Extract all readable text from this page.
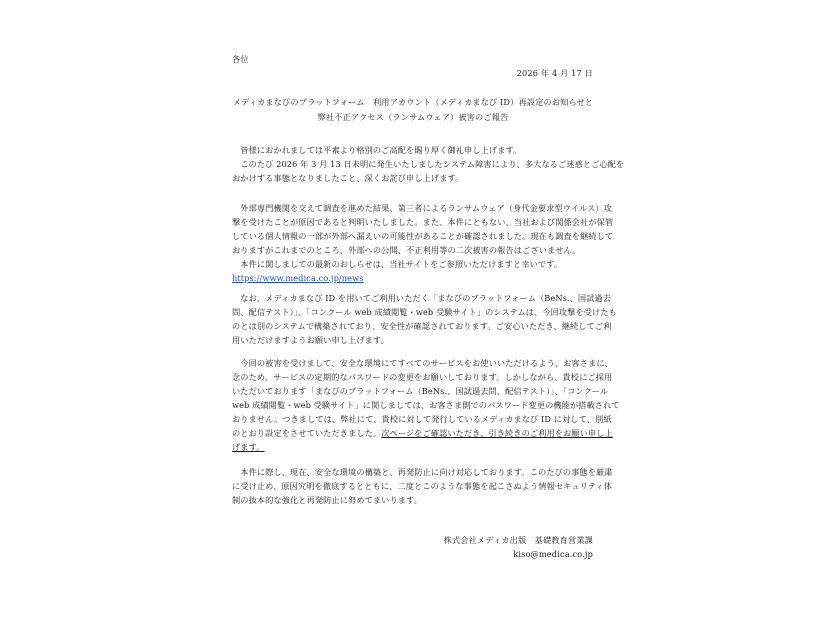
各位
2026 年 4 月 17 日
メディカまなびのプラットフォーム　利用アカウント（メディカまなび ID）再設定のお知らせと
弊社不正アクセス（ランサムウェア）被害のご報告
　皆様におかれましては平素より格別のご高配を賜り厚く御礼申し上げます。
　このたび 2026 年 3 月 13 日未明に発生いたしましたシステム障害により、多大なるご迷惑とご心配を
おかけする事態となりましたこと、深くお詫び申し上げます。
　外部専門機関を交えて調査を進めた結果、第三者によるランサムウェア（身代金要求型ウイルス）攻
撃を受けたことが原因であると判明いたしました。また、本件にともない、当社および関係会社が保管
している個人情報の一部が外部へ漏えいの可能性があることが確認されました。現在も調査を継続して
おりますがこれまでのところ、外部への公開、不正利用等の二次被害の報告はございません。
　本件に関しましての最新のおしらせは、当社サイトをご参照いただけますと幸いです。
https://www.medica.co.jp/news
　なお、メディカまなび ID を用いてご利用いただく「まなびのプラットフォーム（BeNs.、国試過去
問、配信テスト）」、「コンクール web 成績閲覧・web 受験サイト」のシステムは、今回攻撃を受けたも
のとは別のシステムで構築されており、安全性が確認されております。ご安心いただき、継続してご利
用いただけますようお願い申し上げます。
　今回の被害を受けまして、安全な環境にてすべてのサービスをお使いいただけるよう、お客さまに、
念のため、サービスの定期的なパスワードの変更をお願いしております。しかしながら、貴校にご採用
いただいております「まなびのプラットフォーム（BeNs.、国試過去問、配信テスト）」、「コンクール
web 成績閲覧・web 受験サイト」に関しましては、お客さま側でのパスワード変更の機能が搭載されて
おりません。つきましては、弊社にて、貴校に対して発行しているメディカまなび ID に対して、別紙
のとおり設定をさせていただきました。次ページをご確認いただき、引き続きのご利用をお願い申し上
げます。
　本件に際し、現在、安全な環境の構築と、再発防止に向け対応しております。このたびの事態を厳粛
に受け止め、原因究明を徹底するとともに、二度とこのような事態を起こさぬよう情報セキュリティ体
制の抜本的な強化と再発防止に努めてまいります。
株式会社メディカ出版　基礎教育営業課
kiso@medica.co.jp
